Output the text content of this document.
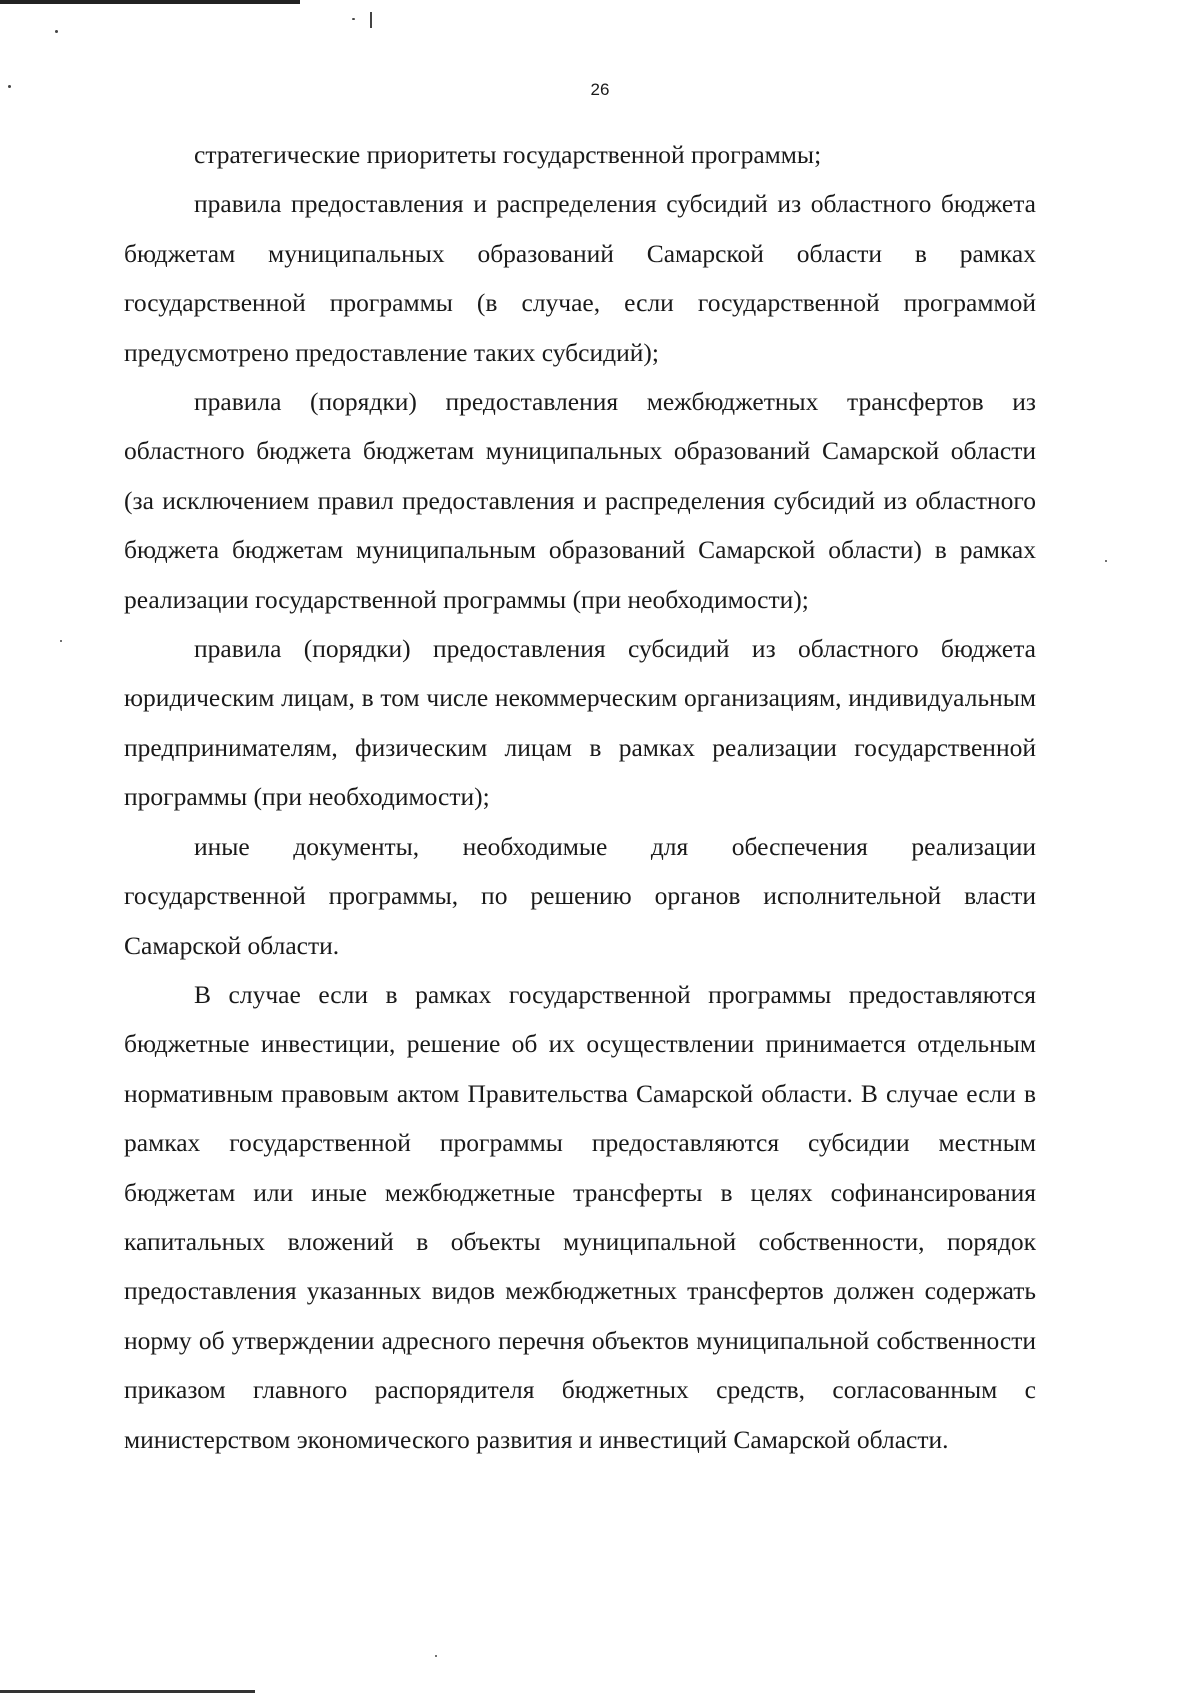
26

стратегические приоритеты государственной программы;

правила предоставления и распределения субсидий из областного бюджета бюджетам муниципальных образований Самарской области в рамках государственной программы (в случае, если государственной программой предусмотрено предоставление таких субсидий);

правила (порядки) предоставления межбюджетных трансфертов из областного бюджета бюджетам муниципальных образований Самарской области (за исключением правил предоставления и распределения субсидий из областного бюджета бюджетам муниципальным образований Самарской области) в рамках реализации государственной программы (при необходимости);

правила (порядки) предоставления субсидий из областного бюджета юридическим лицам, в том числе некоммерческим организациям, индивидуальным предпринимателям, физическим лицам в рамках реализации государственной программы (при необходимости);

иные документы, необходимые для обеспечения реализации государственной программы, по решению органов исполнительной власти Самарской области.

В случае если в рамках государственной программы предоставляются бюджетные инвестиции, решение об их осуществлении принимается отдельным нормативным правовым актом Правительства Самарской области. В случае если в рамках государственной программы предоставляются субсидии местным бюджетам или иные межбюджетные трансферты в целях софинансирования капитальных вложений в объекты муниципальной собственности, порядок предоставления указанных видов межбюджетных трансфертов должен содержать норму об утверждении адресного перечня объектов муниципальной собственности приказом главного распорядителя бюджетных средств, согласованным с министерством экономического развития и инвестиций Самарской области.
